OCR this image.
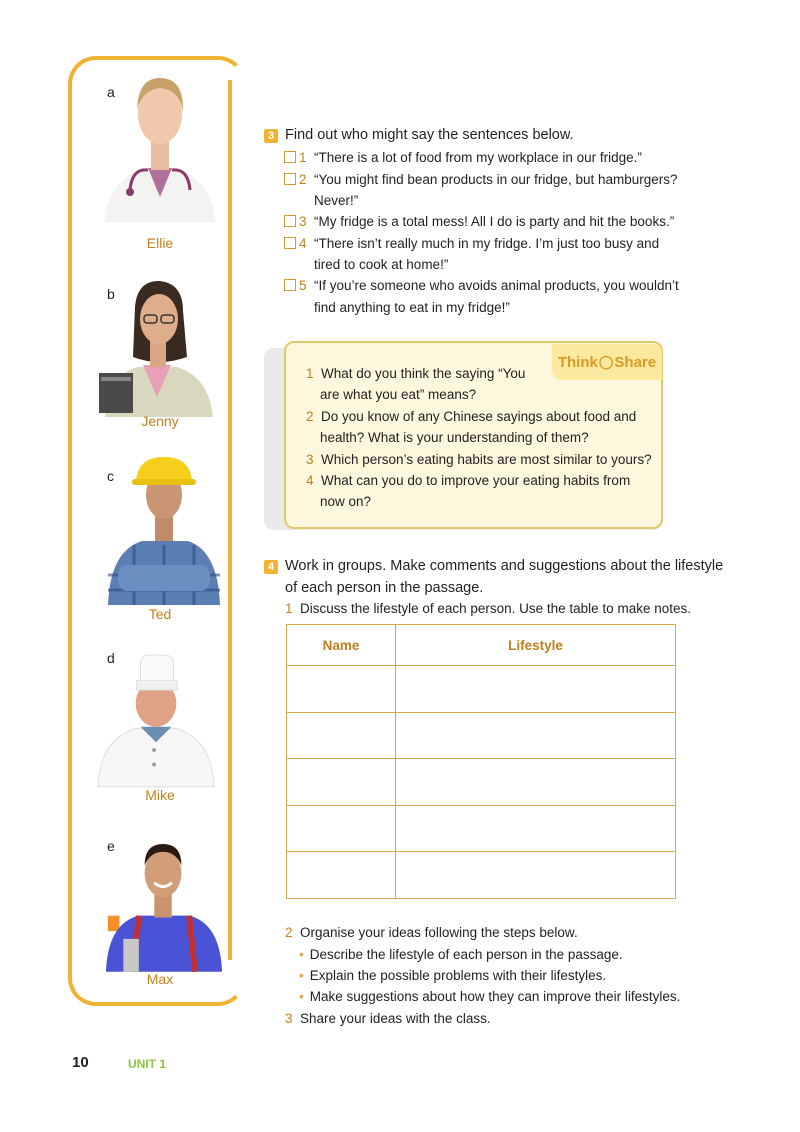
a
Ellie
b
Jenny
c
Ted
d
Mike
e
Max
3 Find out who might say the sentences below.
1 “There is a lot of food from my workplace in our fridge.”
2 “You might find bean products in our fridge, but hamburgers?
Never!”
3 “My fridge is a total mess! All I do is party and hit the books.”
4 “There isn’t really much in my fridge. I’m just too busy and
tired to cook at home!”
5 “If you’re someone who avoids animal products, you wouldn’t
find anything to eat in my fridge!”
Think ◯ Share
1 What do you think the saying “You
are what you eat” means?
2 Do you know of any Chinese sayings about food and
health? What is your understanding of them?
3 Which person’s eating habits are most similar to yours?
4 What can you do to improve your eating habits from
now on?
4 Work in groups. Make comments and suggestions about the lifestyle
of each person in the passage.
1 Discuss the lifestyle of each person. Use the table to make notes.
Name	Lifestyle

2 Organise your ideas following the steps below.
• Describe the lifestyle of each person in the passage.
• Explain the possible problems with their lifestyles.
• Make suggestions about how they can improve their lifestyles.
3 Share your ideas with the class.
10	UNIT 1
